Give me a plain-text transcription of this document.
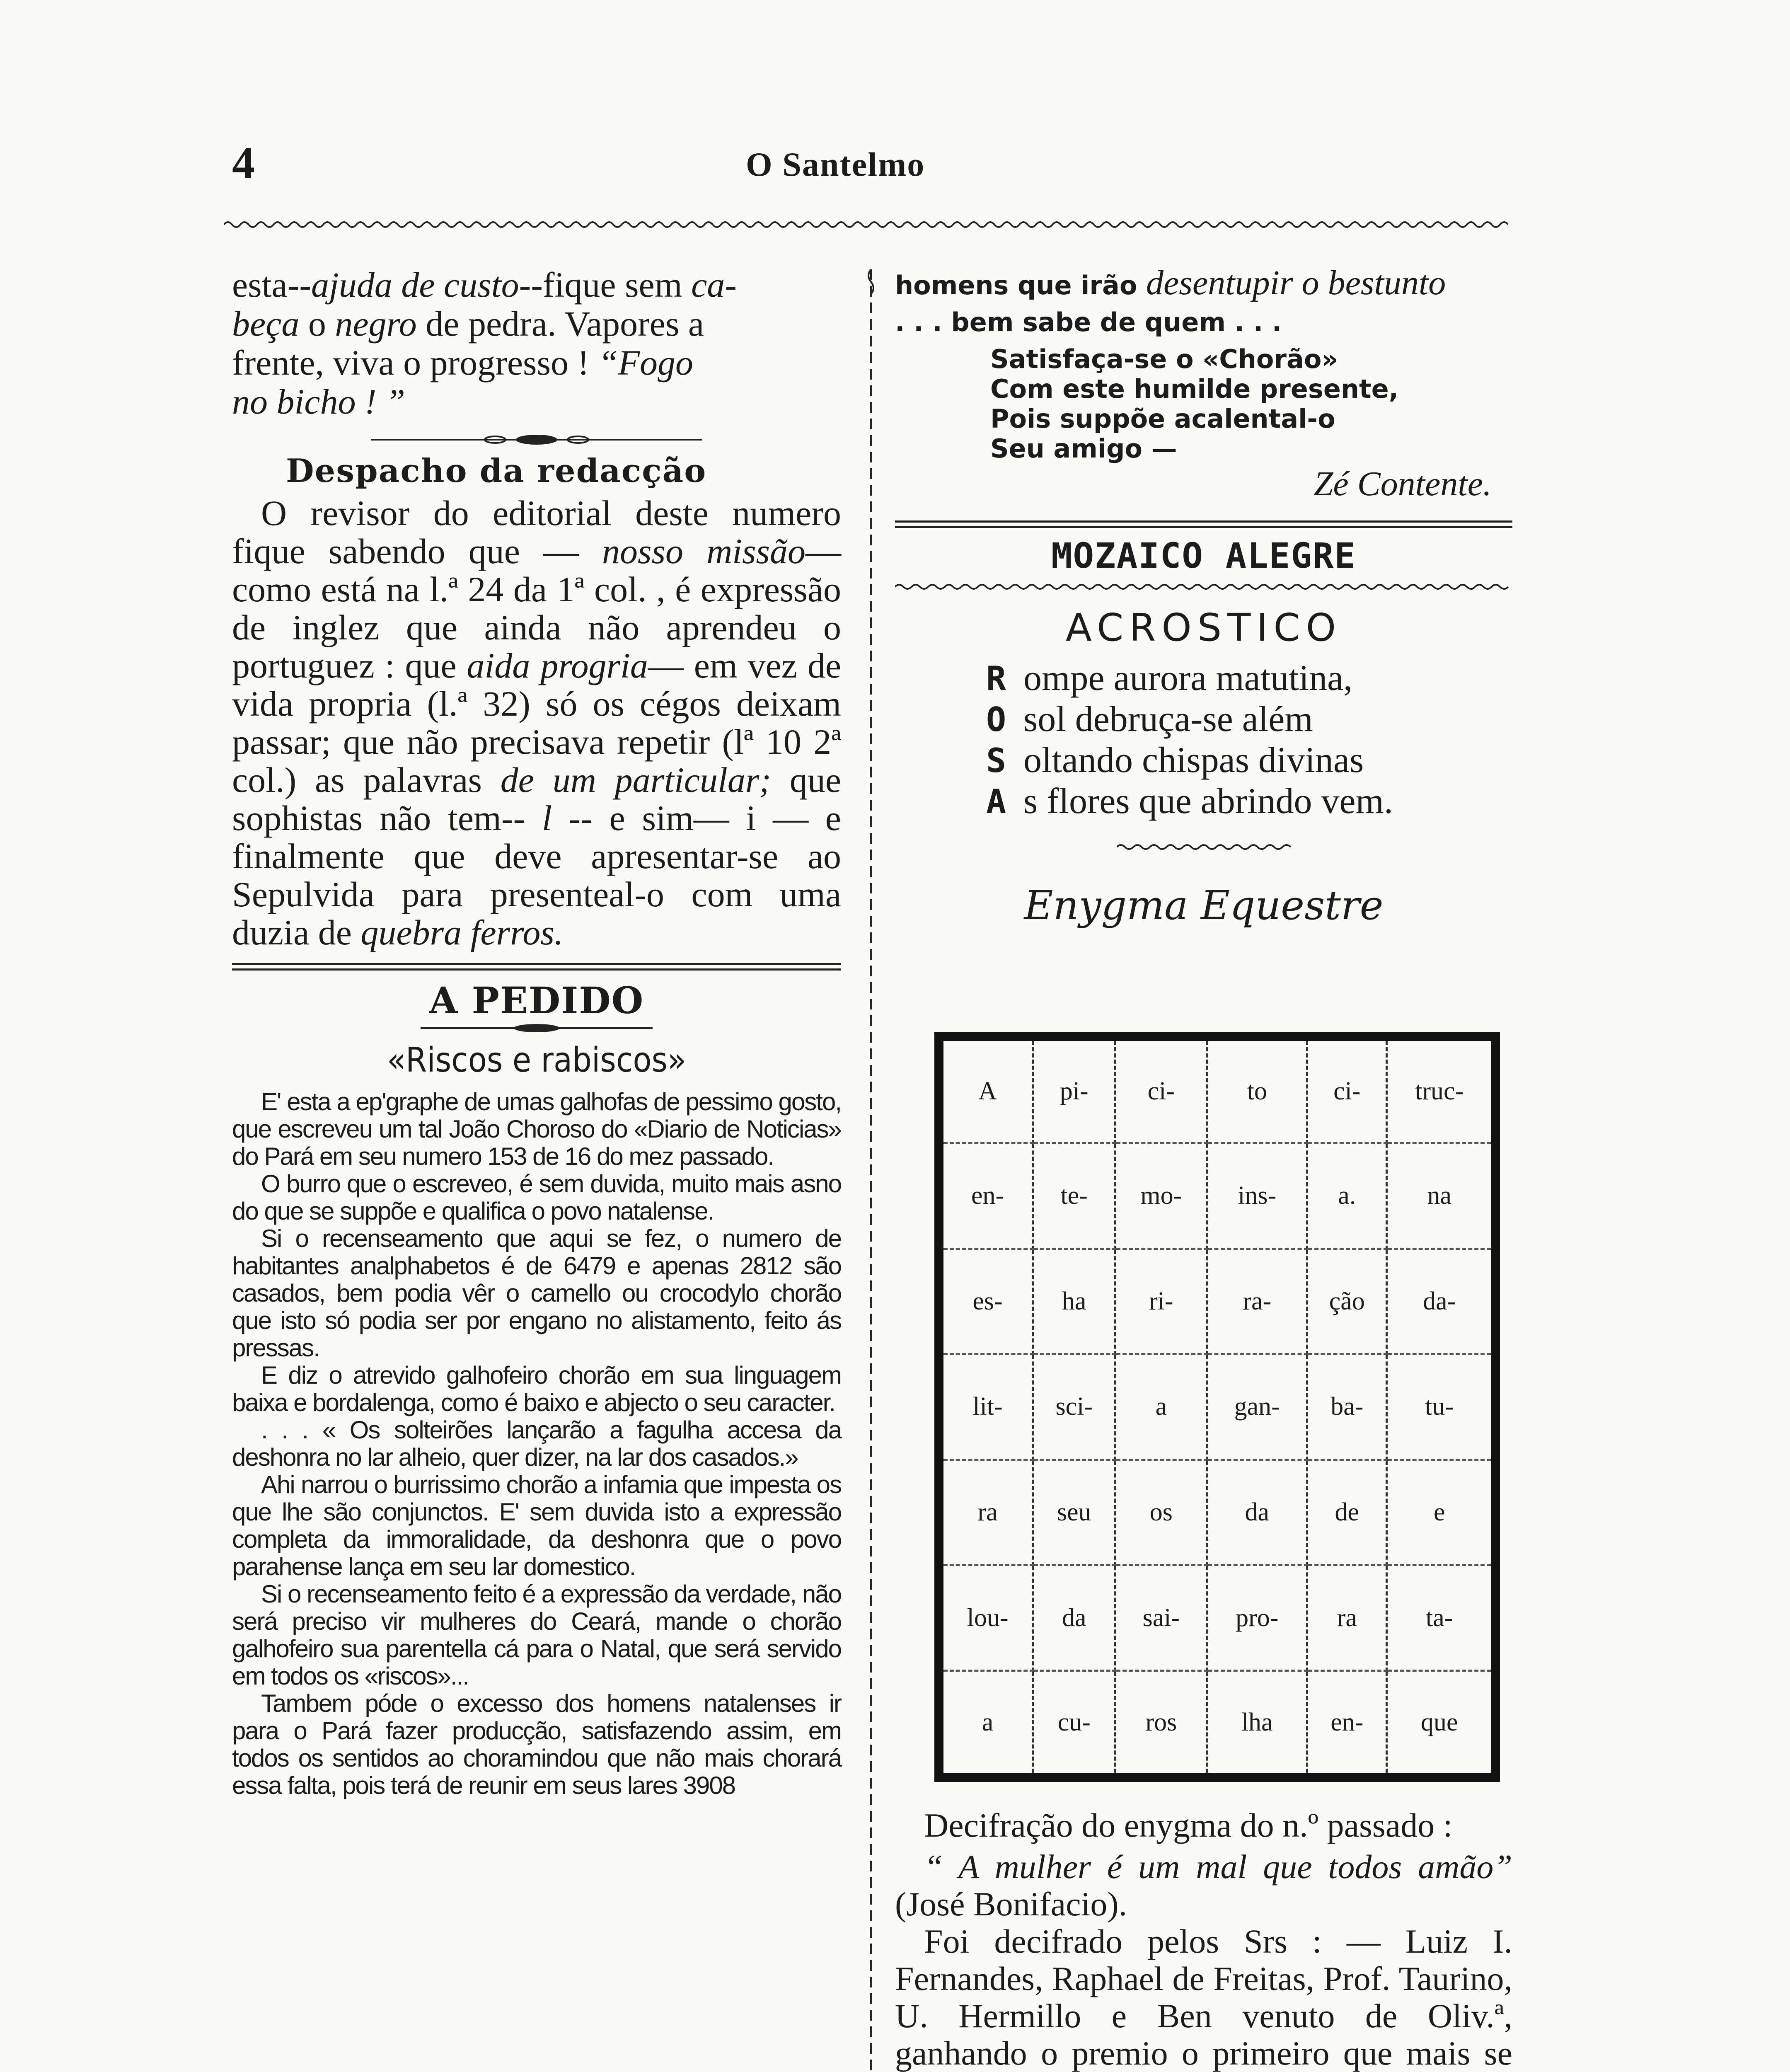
4	O Santelmo
esta--ajuda de custo--fique sem ca-
beça o negro de pedra. Vapores a
frente, viva o progresso ! “Fogo
no bicho ! ”

Despacho da redacção

O revisor do editorial deste numero fique sabendo que — nosso missão—como está na l.ª 24 da 1ª col. , é expressão de inglez que ainda não aprendeu o portuguez : que aida progria— em vez de vida propria (l.ª 32) só os cégos deixam passar; que não precisava repetir (lª 10 2ª col.) as palavras de um particular; que sophistas não tem-- l -- e sim— i — e finalmente que deve apresentar-se ao Sepulvida para presenteal-o com uma duzia de quebra ferros.

A PEDIDO

«Riscos e rabiscos»

E' esta a ep'graphe de umas galhofas de pessimo gosto, que escreveu um tal João Choroso do «Diario de Noticias» do Pará em seu numero 153 de 16 do mez passado.

O burro que o escreveo, é sem duvida, muito mais asno do que se suppõe e qualifica o povo natalense.

Si o recenseamento que aqui se fez, o numero de habitantes analphabetos é de 6479 e apenas 2812 são casados, bem podia vêr o camello ou crocodylo chorão que isto só podia ser por engano no alistamento, feito ás pressas.

E diz o atrevido galhofeiro chorão em sua linguagem baixa e bordalenga, como é baixo e abjecto o seu caracter.

. . . « Os solteirões lançarão a fagulha accesa da deshonra no lar alheio, quer dizer, na lar dos casados.»

Ahi narrou o burrissimo chorão a infamia que impesta os que lhe são conjunctos. E' sem duvida isto a expressão completa da immoralidade, da deshonra que o povo parahense lança em seu lar domestico.

Si o recenseamento feito é a expressão da verdade, não será preciso vir mulheres do Ceará, mande o chorão galhofeiro sua parentella cá para o Natal, que será servido em todos os «riscos»...

Tambem póde o excesso dos homens natalenses ir para o Pará fazer producção, satisfazendo assim, em todos os sentidos ao choramindou que não mais chorará essa falta, pois terá de reunir em seus lares 3908

homens que irão desentupir o bestunto
. . . bem sabe de quem . . .

Satisfaça-se o «Chorão»
Com este humilde presente,
Pois suppõe acalental-o
Seu amigo —
Zé Contente.

MOZAICO ALEGRE

ACROSTICO

R ompe aurora matutina,
O sol debruça-se além
S oltando chispas divinas
A s flores que abrindo vem.

Enygma Equestre

A	pi-	ci-	to	ci-	truc-
en-	te-	mo-	ins-	a.	na
es-	ha	ri-	ra-	ção	da-
lit-	sci-	a	gan-	ba-	tu-
ra	seu	os	da	de	e
lou-	da	sai-	pro-	ra	ta-
a	cu-	ros	lha	en-	que

Decifração do enygma do n.º passado :

“ A mulher é um mal que todos amão” (José Bonifacio).

Foi decifrado pelos Srs : — Luiz I. Fernandes, Raphael de Freitas, Prof. Taurino, U. Hermillo e Ben venuto de Oliv.ª, ganhando o premio o primeiro que mais se
